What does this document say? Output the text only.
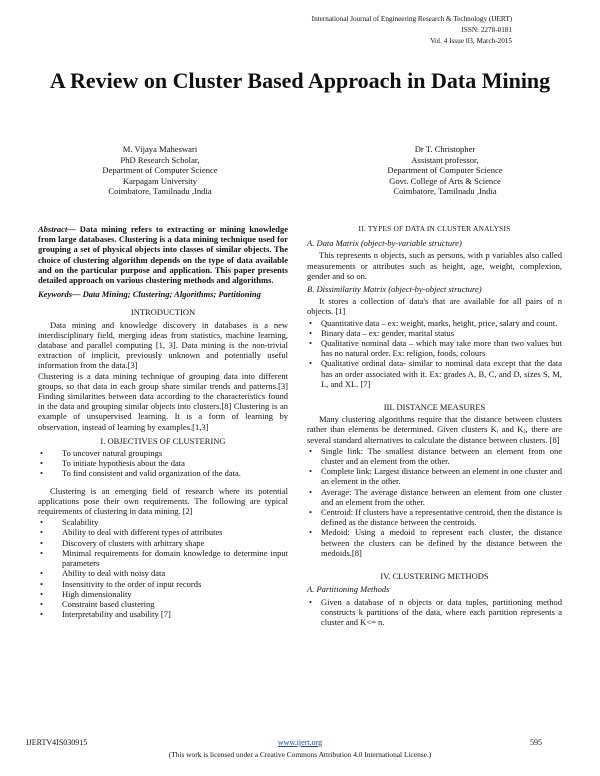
International Journal of Engineering Research & Technology (IJERT)
ISSN: 2278-0181
Vol. 4 Issue 03, March-2015
A Review on Cluster Based Approach in Data Mining
M. Vijaya Maheswari
PhD Research Scholar,
Department of Computer Science
Karpagam University
Coimbatore, Tamilnadu ,India
Dr T. Christopher
Assistant professor,
Department of Computer Science
Govt. College of Arts & Science
Coimbatore, Tamilnadu ,India

Abstract— Data mining refers to extracting or mining knowledge from large databases. Clustering is a data mining technique used for grouping a set of physical objects into classes of similar objects. The choice of clustering algorithm depends on the type of data available and on the particular purpose and application. This paper presents detailed approach on various clustering methods and algorithms.

Keywords— Data Mining; Clustering; Algorithms; Partitioning

INTRODUCTION

Data mining and knowledge discovery in databases is a new interdisciplinary field, merging ideas from statistics, machine learning, database and parallel computing [1, 3]. Data mining is the non-trivial extraction of implicit, previously unknown and potentially useful information from the data.[3]

Clustering is a data mining technique of grouping data into different groups, so that data in each group share similar trends and patterns.[3] Finding similarities between data according to the characteristics found in the data and grouping similar objects into clusters.[8] Clustering is an example of unsupervised learning. It is a form of learning by observation, instead of learning by examples.[1,3]

I. OBJECTIVES OF CLUSTERING
• To uncover natural groupings
• To initiate hypothesis about the data
• To find consistent and valid organization of the data.

Clustering is an emerging field of research where its potential applications pose their own requirements. The following are typical requirements of clustering in data mining. [2]

• Scalability
• Ability to deal with different types of attributes
• Discovery of clusters with arbitrary shape
• Minimal requirements for domain knowledge to determine input parameters
• Ability to deal with noisy data
• Insensitivity to the order of input records
• High dimensionality
• Constraint based clustering
• Interpretability and usability [7]
II. TYPES OF DATA IN CLUSTER ANALYSIS
A. Data Matrix (object-by-variable structure)

This represents n objects, such as persons, with p variables also called measurements or attributes such as height, age, weight, complexion, gender and so on.

B. Dissimilarity Matrix (object-by-object structure)

It stores a collection of data's that are available for all pairs of n objects. [1]

• Quantitative data – ex: weight, marks, height, price, salary and count.
• Binary data – ex: gender, marital status
• Qualitative nominal data – which may take more than two values but has no natural order. Ex: religion, foods, colours
• Qualitative ordinal data- similar to nominal data except that the data has an order associated with it. Ex: grades A, B, C, and D, sizes S, M, L, and XL. [7]
III. DISTANCE MEASURES

Many clustering algorithms require that the distance between clusters rather than elements be determined. Given clusters Kᵢ and Kⱼ, there are several standard alternatives to calculate the distance between clusters. [8]

• Single link: The smallest distance between an element from one cluster and an element from the other.
• Complete link: Largest distance between an element in one cluster and an element in the other.
• Average: The average distance between an element from one cluster and an element from the other.
• Centroid: If clusters have a representative centroid, then the distance is defined as the distance between the centroids.
• Medoid: Using a medoid to represent each cluster, the distance between the clusters can be defined by the distance between the medoids.[8]
IV. CLUSTERING METHODS
A. Partitioning Methods
• Given a database of n objects or data tuples, partitioning method constructs k partitions of the data, where each partition represents a cluster and K<= n.
IJERTV4IS030915	www.ijert.org	595
(This work is licensed under a Creative Commons Attribution 4.0 International License.)
